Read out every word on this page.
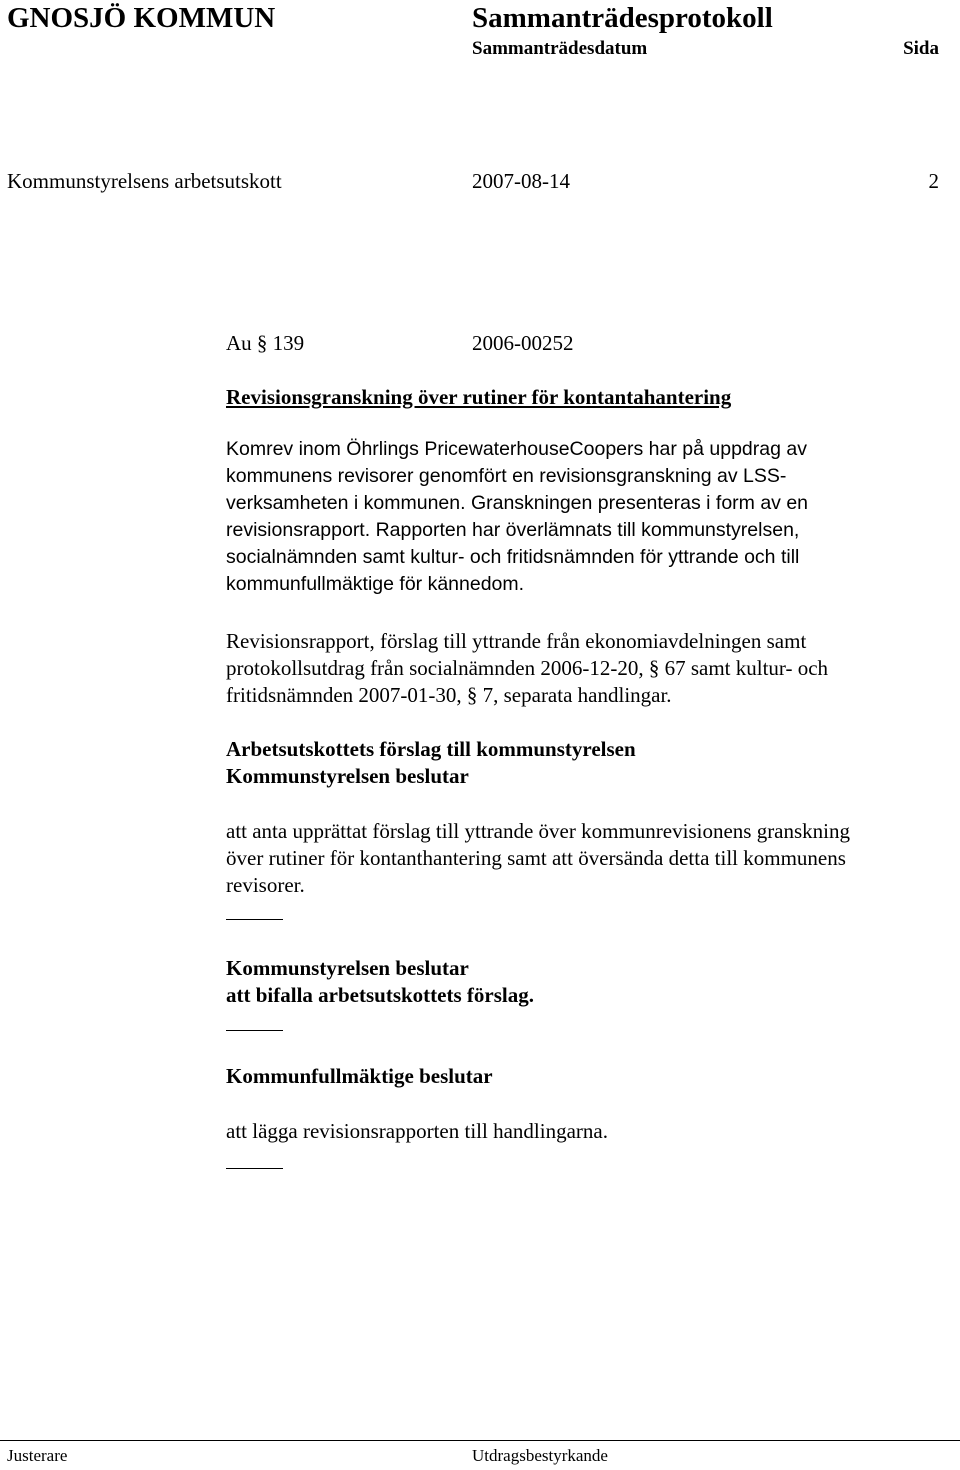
GNOSJÖ KOMMUN	Sammanträdesprotokoll
Sammanträdesdatum	Sida
Kommunstyrelsens arbetsutskott	2007-08-14	2
Au § 139	2006-00252
Revisionsgranskning över rutiner för kontantahantering
Komrev inom Öhrlings PricewaterhouseCoopers har på uppdrag av
kommunens revisorer genomfört en revisionsgranskning av LSS-
verksamheten i kommunen. Granskningen presenteras i form av en
revisionsrapport. Rapporten har överlämnats till kommunstyrelsen,
socialnämnden samt kultur- och fritidsnämnden för yttrande och till
kommunfullmäktige för kännedom.
Revisionsrapport, förslag till yttrande från ekonomiavdelningen samt
protokollsutdrag från socialnämnden 2006-12-20, § 67 samt kultur- och
fritidsnämnden 2007-01-30, § 7, separata handlingar.
Arbetsutskottets förslag till kommunstyrelsen
Kommunstyrelsen beslutar
att anta upprättat förslag till yttrande över kommunrevisionens granskning
över rutiner för kontanthantering samt att översända detta till kommunens
revisorer.
Kommunstyrelsen beslutar
att bifalla arbetsutskottets förslag.
Kommunfullmäktige beslutar
att lägga revisionsrapporten till handlingarna.
Justerare	Utdragsbestyrkande
